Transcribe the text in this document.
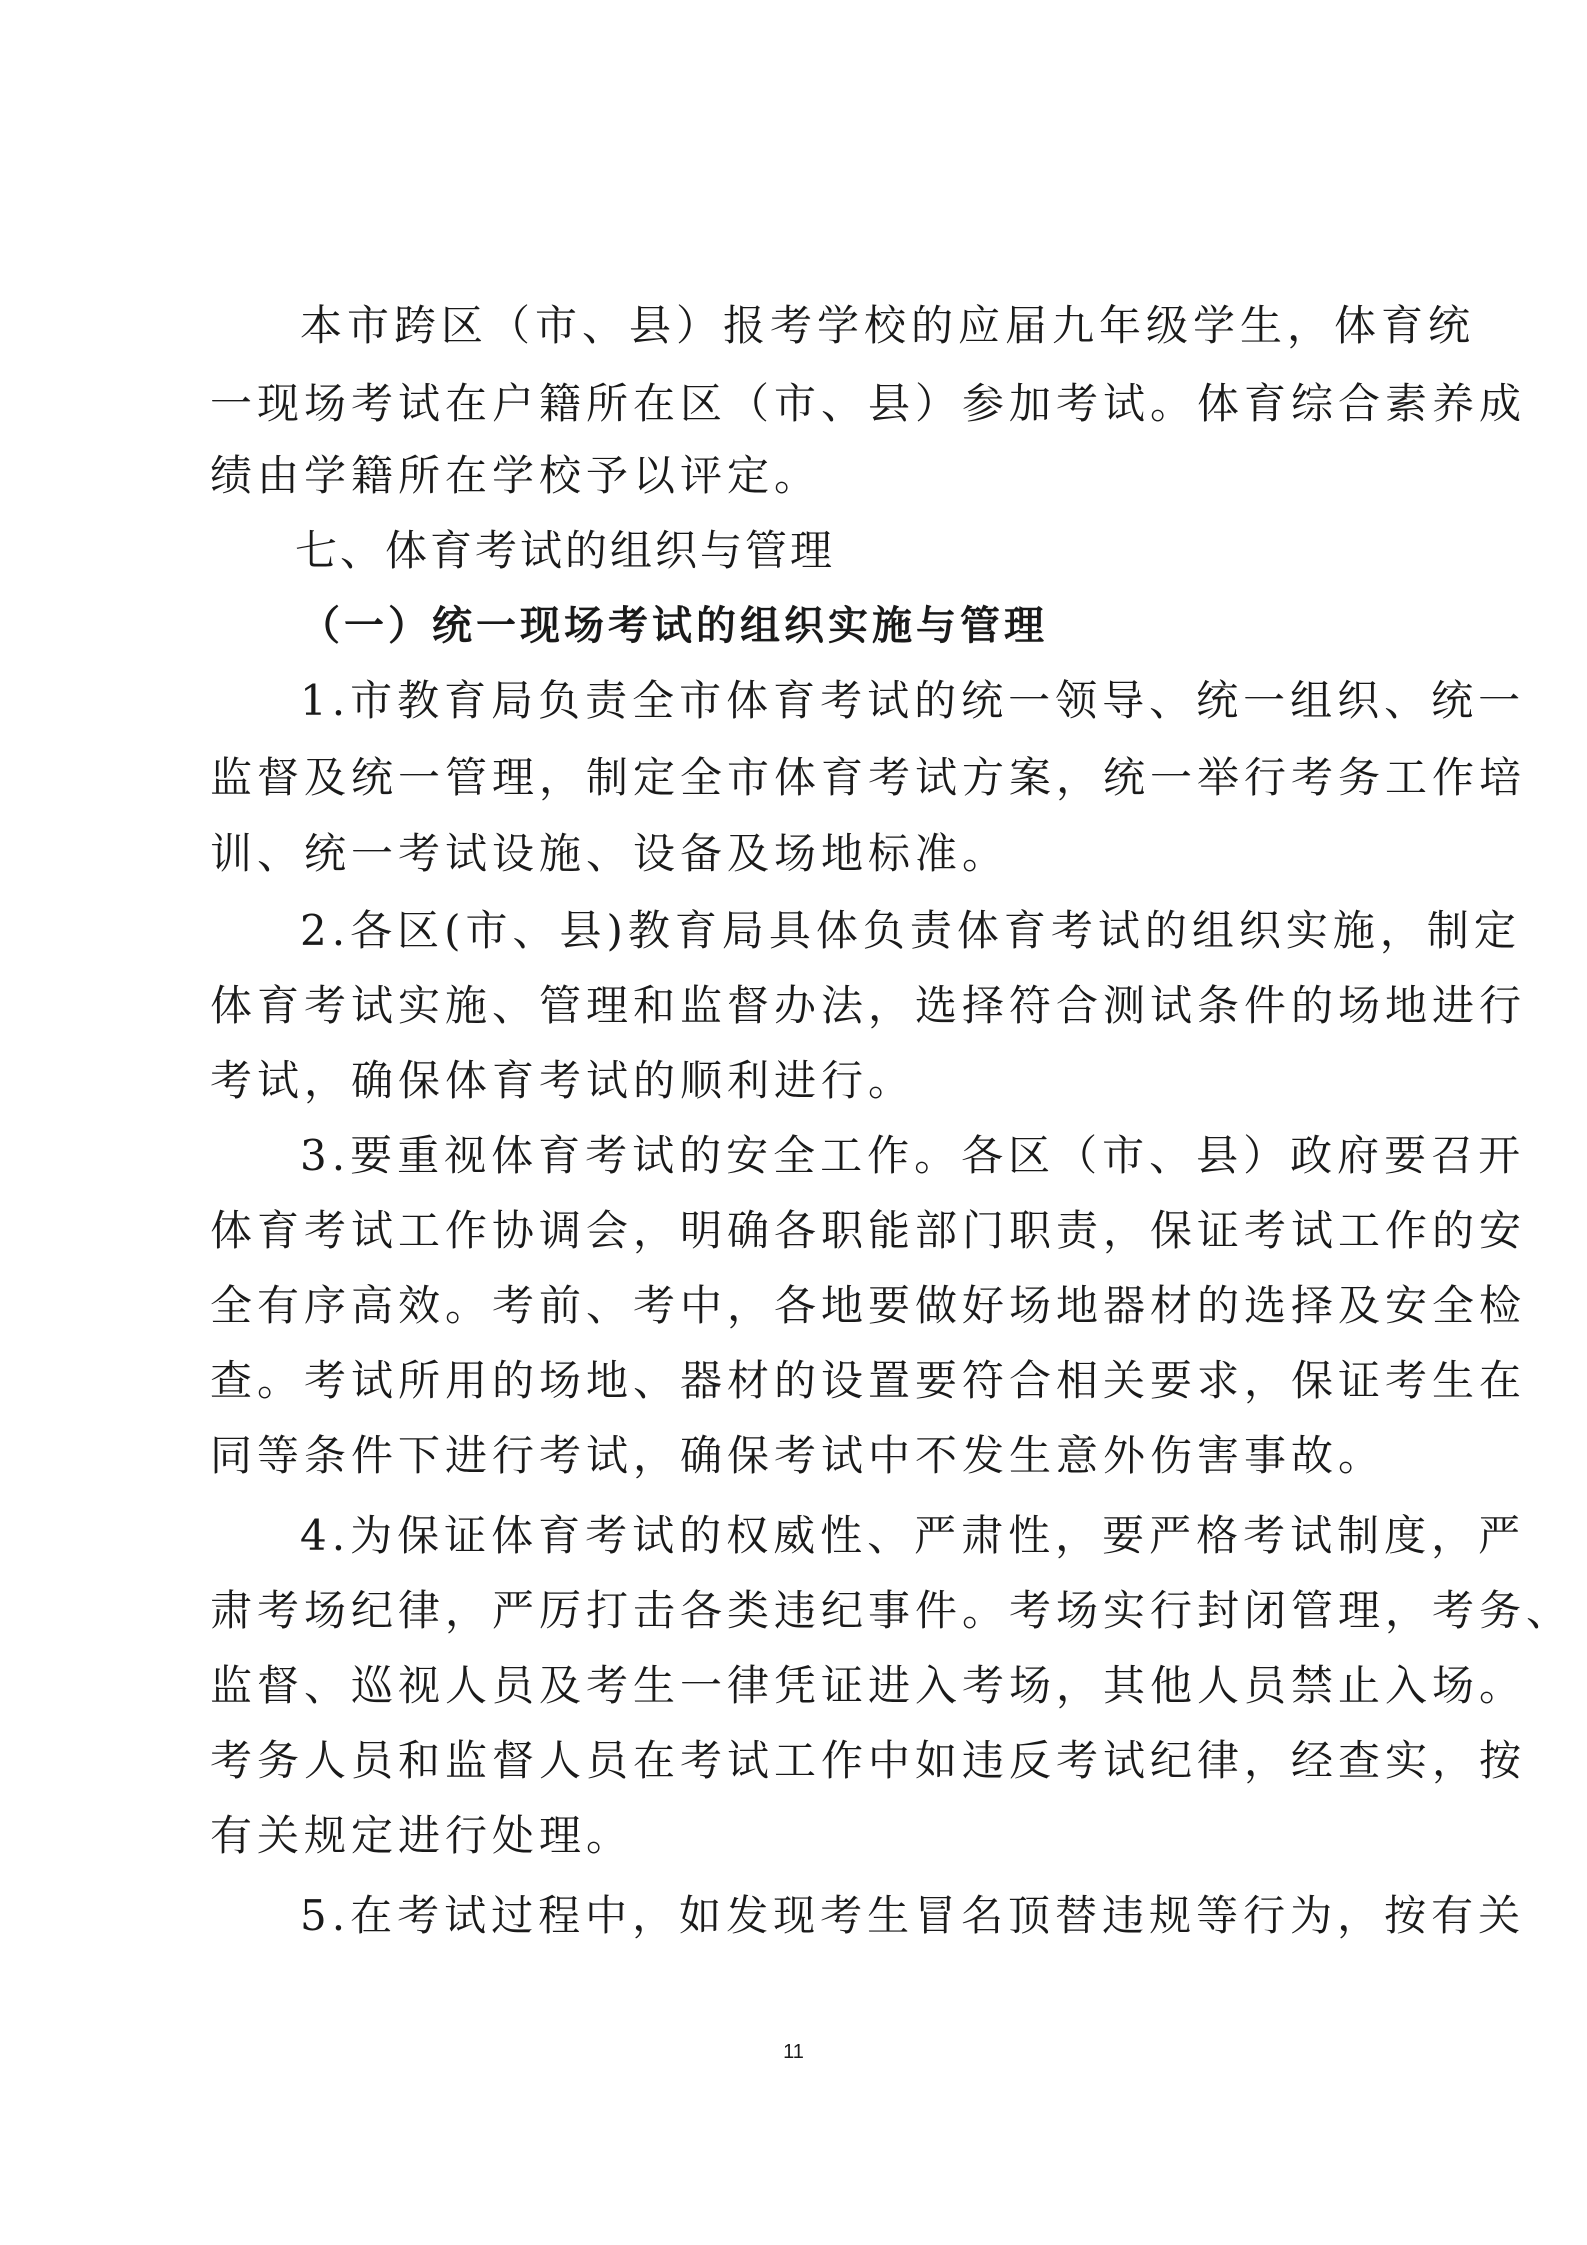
本市跨区（市、县）报考学校的应届九年级学生，体育统
一现场考试在户籍所在区（市、县）参加考试。体育综合素养成
绩由学籍所在学校予以评定。
七、体育考试的组织与管理
（一）统一现场考试的组织实施与管理
1.市教育局负责全市体育考试的统一领导、统一组织、统一
监督及统一管理，制定全市体育考试方案，统一举行考务工作培
训、统一考试设施、设备及场地标准。
2.各区(市、县)教育局具体负责体育考试的组织实施，制定
体育考试实施、管理和监督办法，选择符合测试条件的场地进行
考试，确保体育考试的顺利进行。
3.要重视体育考试的安全工作。各区（市、县）政府要召开
体育考试工作协调会，明确各职能部门职责，保证考试工作的安
全有序高效。考前、考中，各地要做好场地器材的选择及安全检
查。考试所用的场地、器材的设置要符合相关要求，保证考生在
同等条件下进行考试，确保考试中不发生意外伤害事故。
4.为保证体育考试的权威性、严肃性，要严格考试制度，严
肃考场纪律，严厉打击各类违纪事件。考场实行封闭管理，考务、
监督、巡视人员及考生一律凭证进入考场，其他人员禁止入场。
考务人员和监督人员在考试工作中如违反考试纪律，经查实，按
有关规定进行处理。
5.在考试过程中，如发现考生冒名顶替违规等行为，按有关
11
